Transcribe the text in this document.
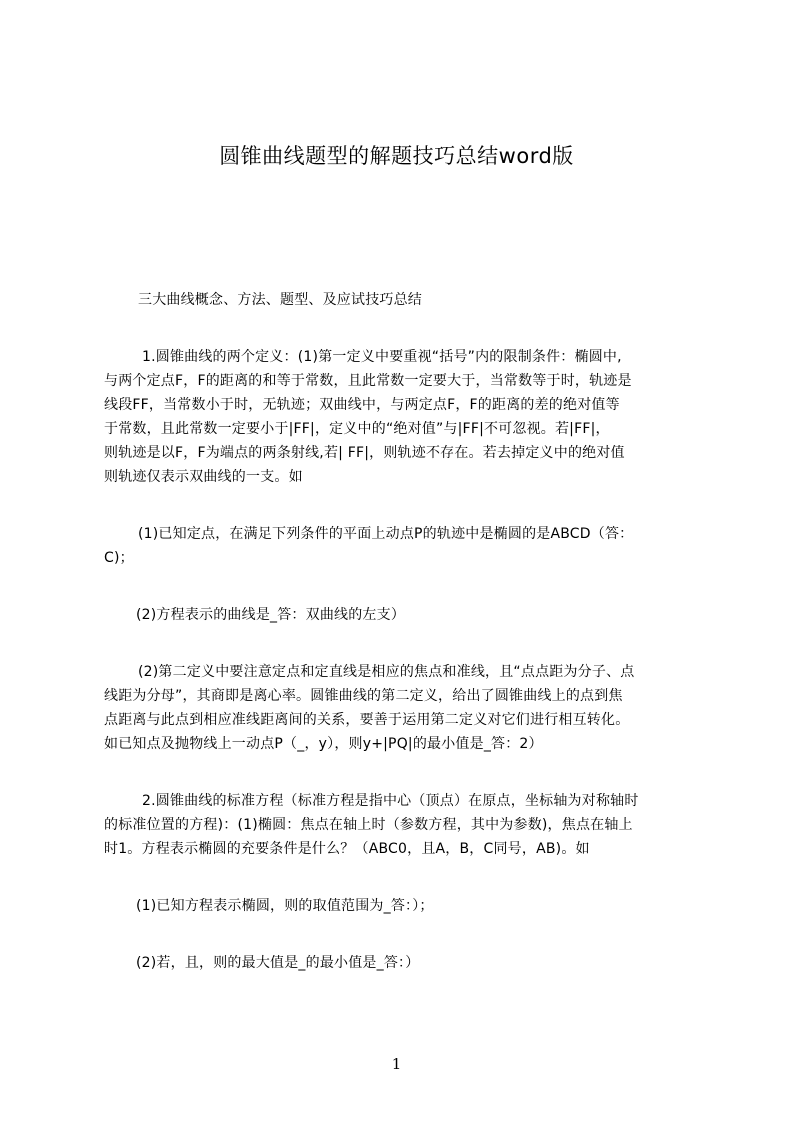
圆锥曲线题型的解题技巧总结word版

三大曲线概念、方法、题型、及应试技巧总结

1.圆锥曲线的两个定义：(1)第一定义中要重视“括号”内的限制条件：椭圆中,
与两个定点F，F的距离的和等于常数，且此常数一定要大于，当常数等于时，轨迹是
线段FF，当常数小于时，无轨迹；双曲线中，与两定点F，F的距离的差的绝对值等
于常数，且此常数一定要小于|FF|，定义中的“绝对值”与|FF|不可忽视。若|FF|，
则轨迹是以F，F为端点的两条射线,若| FF|，则轨迹不存在。若去掉定义中的绝对值
则轨迹仅表示双曲线的一支。如

(1)已知定点，在满足下列条件的平面上动点P的轨迹中是椭圆的是ABCD（答：
C)；

(2)方程表示的曲线是_答：双曲线的左支）

(2)第二定义中要注意定点和定直线是相应的焦点和准线，且“点点距为分子、点
线距为分母”，其商即是离心率。圆锥曲线的第二定义，给出了圆锥曲线上的点到焦
点距离与此点到相应准线距离间的关系，要善于运用第二定义对它们进行相互转化。
如已知点及抛物线上一动点P（_，y），则y+|PQ|的最小值是_答：2）

2.圆锥曲线的标准方程（标准方程是指中心（顶点）在原点，坐标轴为对称轴时
的标准位置的方程)：(1)椭圆：焦点在轴上时（参数方程，其中为参数)，焦点在轴上
时1。方程表示椭圆的充要条件是什么？（ABC0，且A，B，C同号，AB)。如

(1)已知方程表示椭圆，则的取值范围为_答：）；

(2)若，且，则的最大值是_的最小值是_答：）

1
